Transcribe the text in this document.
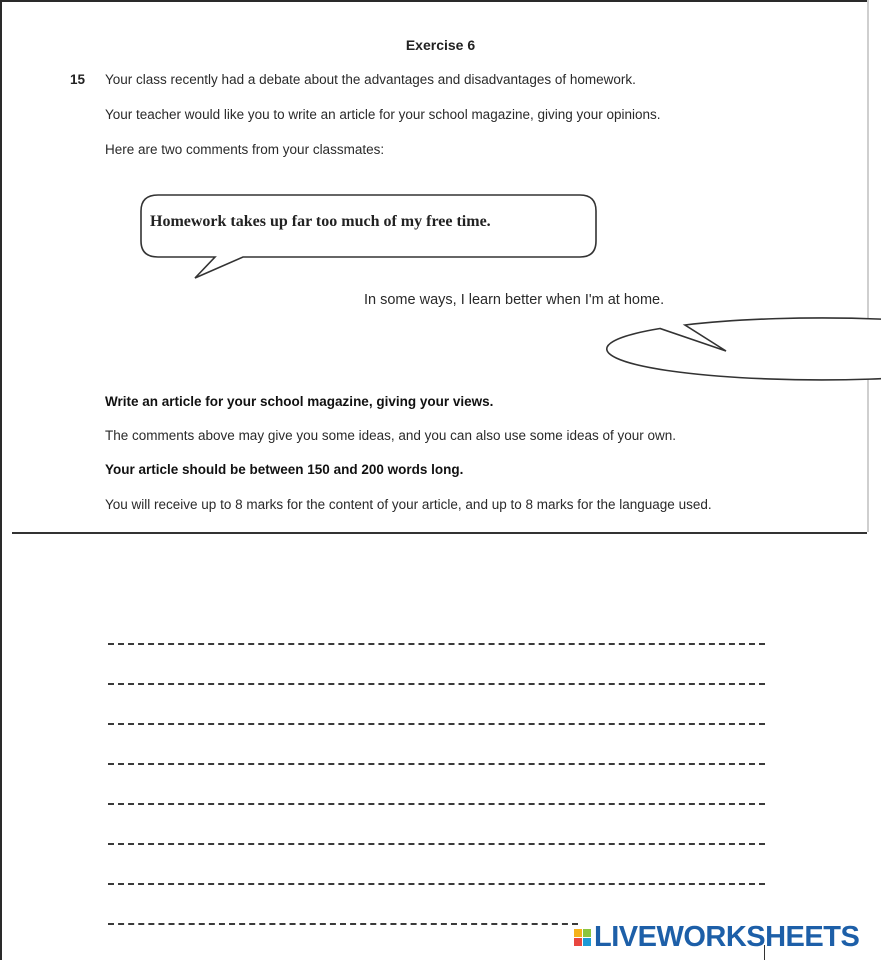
Exercise 6
15 Your class recently had a debate about the advantages and disadvantages of homework.
Your teacher would like you to write an article for your school magazine, giving your opinions.
Here are two comments from your classmates:
Homework takes up far too much of my free time.
In some ways, I learn better when I'm at home.
Write an article for your school magazine, giving your views.
The comments above may give you some ideas, and you can also use some ideas of your own.
Your article should be between 150 and 200 words long.
You will receive up to 8 marks for the content of your article, and up to 8 marks for the language used.
LIVEWORKSHEETS
